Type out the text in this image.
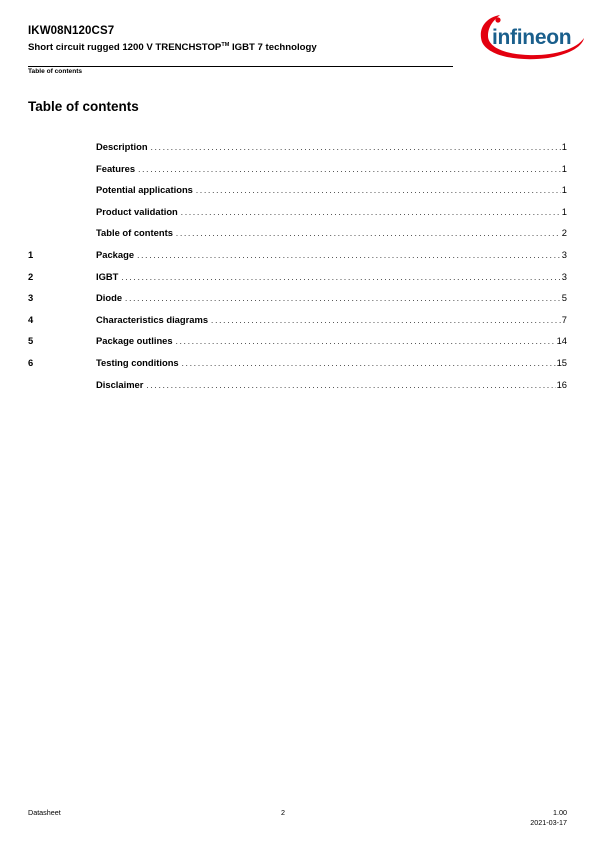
IKW08N120CS7
Short circuit rugged 1200 V TRENCHSTOP™ IGBT 7 technology
Table of contents
infineon
Table of contents
Description . . .	1
Features . . .	1
Potential applications . . .	1
Product validation . . .	1
Table of contents . . .	2
1	Package . . .	3
2	IGBT . . .	3
3	Diode . . .	5
4	Characteristics diagrams . . .	7
5	Package outlines . . .	14
6	Testing conditions . . .	15
Disclaimer . . .	16
Datasheet	2	1.00
2021-03-17
